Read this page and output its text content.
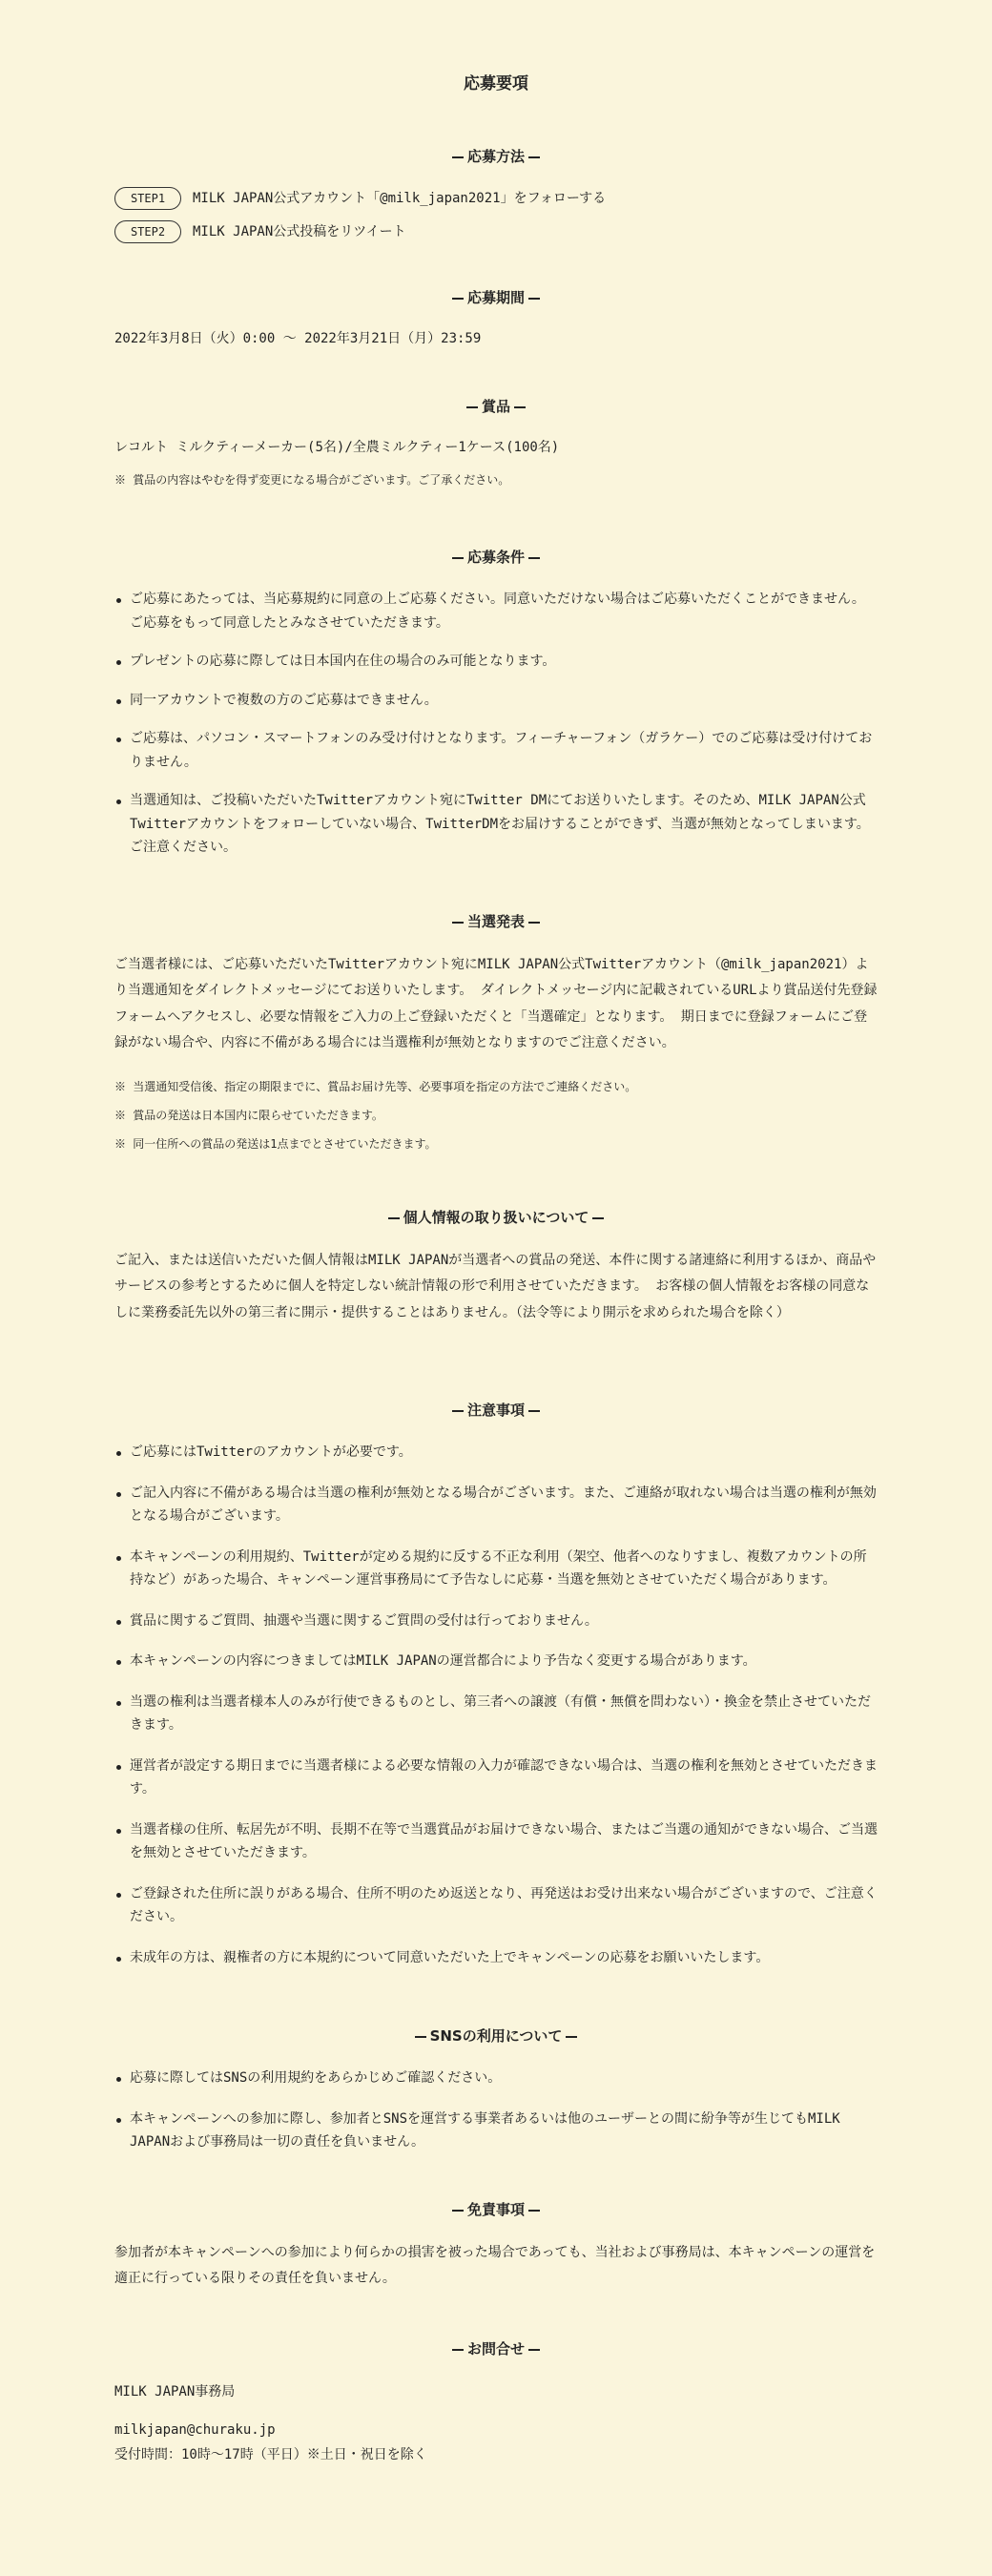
応募要項
応募方法
STEP1	MILK JAPAN公式アカウント「@milk_japan2021」をフォローする
STEP2	MILK JAPAN公式投稿をリツイート
応募期間
2022年3月8日（火）0:00 〜 2022年3月21日（月）23:59
賞品
レコルト ミルクティーメーカー(5名)/全農ミルクティー1ケース(100名)
※ 賞品の内容はやむを得ず変更になる場合がございます。ご了承ください。
応募条件
ご応募にあたっては、当応募規約に同意の上ご応募ください。同意いただけない場合はご応募いただくことができません。ご応募をもって同意したとみなさせていただきます。
プレゼントの応募に際しては日本国内在住の場合のみ可能となります。
同一アカウントで複数の方のご応募はできません。
ご応募は、パソコン・スマートフォンのみ受け付けとなります。フィーチャーフォン（ガラケー）でのご応募は受け付けておりません。
当選通知は、ご投稿いただいたTwitterアカウント宛にTwitter DMにてお送りいたします。そのため、MILK JAPAN公式Twitterアカウントをフォローしていない場合、TwitterDMをお届けすることができず、当選が無効となってしまいます。ご注意ください。
当選発表
ご当選者様には、ご応募いただいたTwitterアカウント宛にMILK JAPAN公式Twitterアカウント（@milk_japan2021）より当選通知をダイレクトメッセージにてお送りいたします。 ダイレクトメッセージ内に記載されているURLより賞品送付先登録フォームへアクセスし、必要な情報をご入力の上ご登録いただくと「当選確定」となります。 期日までに登録フォームにご登録がない場合や、内容に不備がある場合には当選権利が無効となりますのでご注意ください。
※ 当選通知受信後、指定の期限までに、賞品お届け先等、必要事項を指定の方法でご連絡ください。
※ 賞品の発送は日本国内に限らせていただきます。
※ 同一住所への賞品の発送は1点までとさせていただきます。
個人情報の取り扱いについて
ご記入、または送信いただいた個人情報はMILK JAPANが当選者への賞品の発送、本件に関する諸連絡に利用するほか、商品やサービスの参考とするために個人を特定しない統計情報の形で利用させていただきます。 お客様の個人情報をお客様の同意なしに業務委託先以外の第三者に開示・提供することはありません。（法令等により開示を求められた場合を除く）
注意事項
ご応募にはTwitterのアカウントが必要です。
ご記入内容に不備がある場合は当選の権利が無効となる場合がございます。また、ご連絡が取れない場合は当選の権利が無効となる場合がございます。
本キャンペーンの利用規約、Twitterが定める規約に反する不正な利用（架空、他者へのなりすまし、複数アカウントの所持など）があった場合、キャンペーン運営事務局にて予告なしに応募・当選を無効とさせていただく場合があります。
賞品に関するご質問、抽選や当選に関するご質問の受付は行っておりません。
本キャンペーンの内容につきましてはMILK JAPANの運営都合により予告なく変更する場合があります。
当選の権利は当選者様本人のみが行使できるものとし、第三者への譲渡（有償・無償を問わない）・換金を禁止させていただきます。
運営者が設定する期日までに当選者様による必要な情報の入力が確認できない場合は、当選の権利を無効とさせていただきます。
当選者様の住所、転居先が不明、長期不在等で当選賞品がお届けできない場合、またはご当選の通知ができない場合、ご当選を無効とさせていただきます。
ご登録された住所に誤りがある場合、住所不明のため返送となり、再発送はお受け出来ない場合がございますので、ご注意ください。
未成年の方は、親権者の方に本規約について同意いただいた上でキャンペーンの応募をお願いいたします。
SNSの利用について
応募に際してはSNSの利用規約をあらかじめご確認ください。
本キャンペーンへの参加に際し、参加者とSNSを運営する事業者あるいは他のユーザーとの間に紛争等が生じてもMILK JAPANおよび事務局は一切の責任を負いません。
免責事項
参加者が本キャンペーンへの参加により何らかの損害を被った場合であっても、当社および事務局は、本キャンペーンの運営を適正に行っている限りその責任を負いません。
お問合せ
MILK JAPAN事務局
milkjapan@churaku.jp
受付時間：10時〜17時（平日）※土日・祝日を除く
